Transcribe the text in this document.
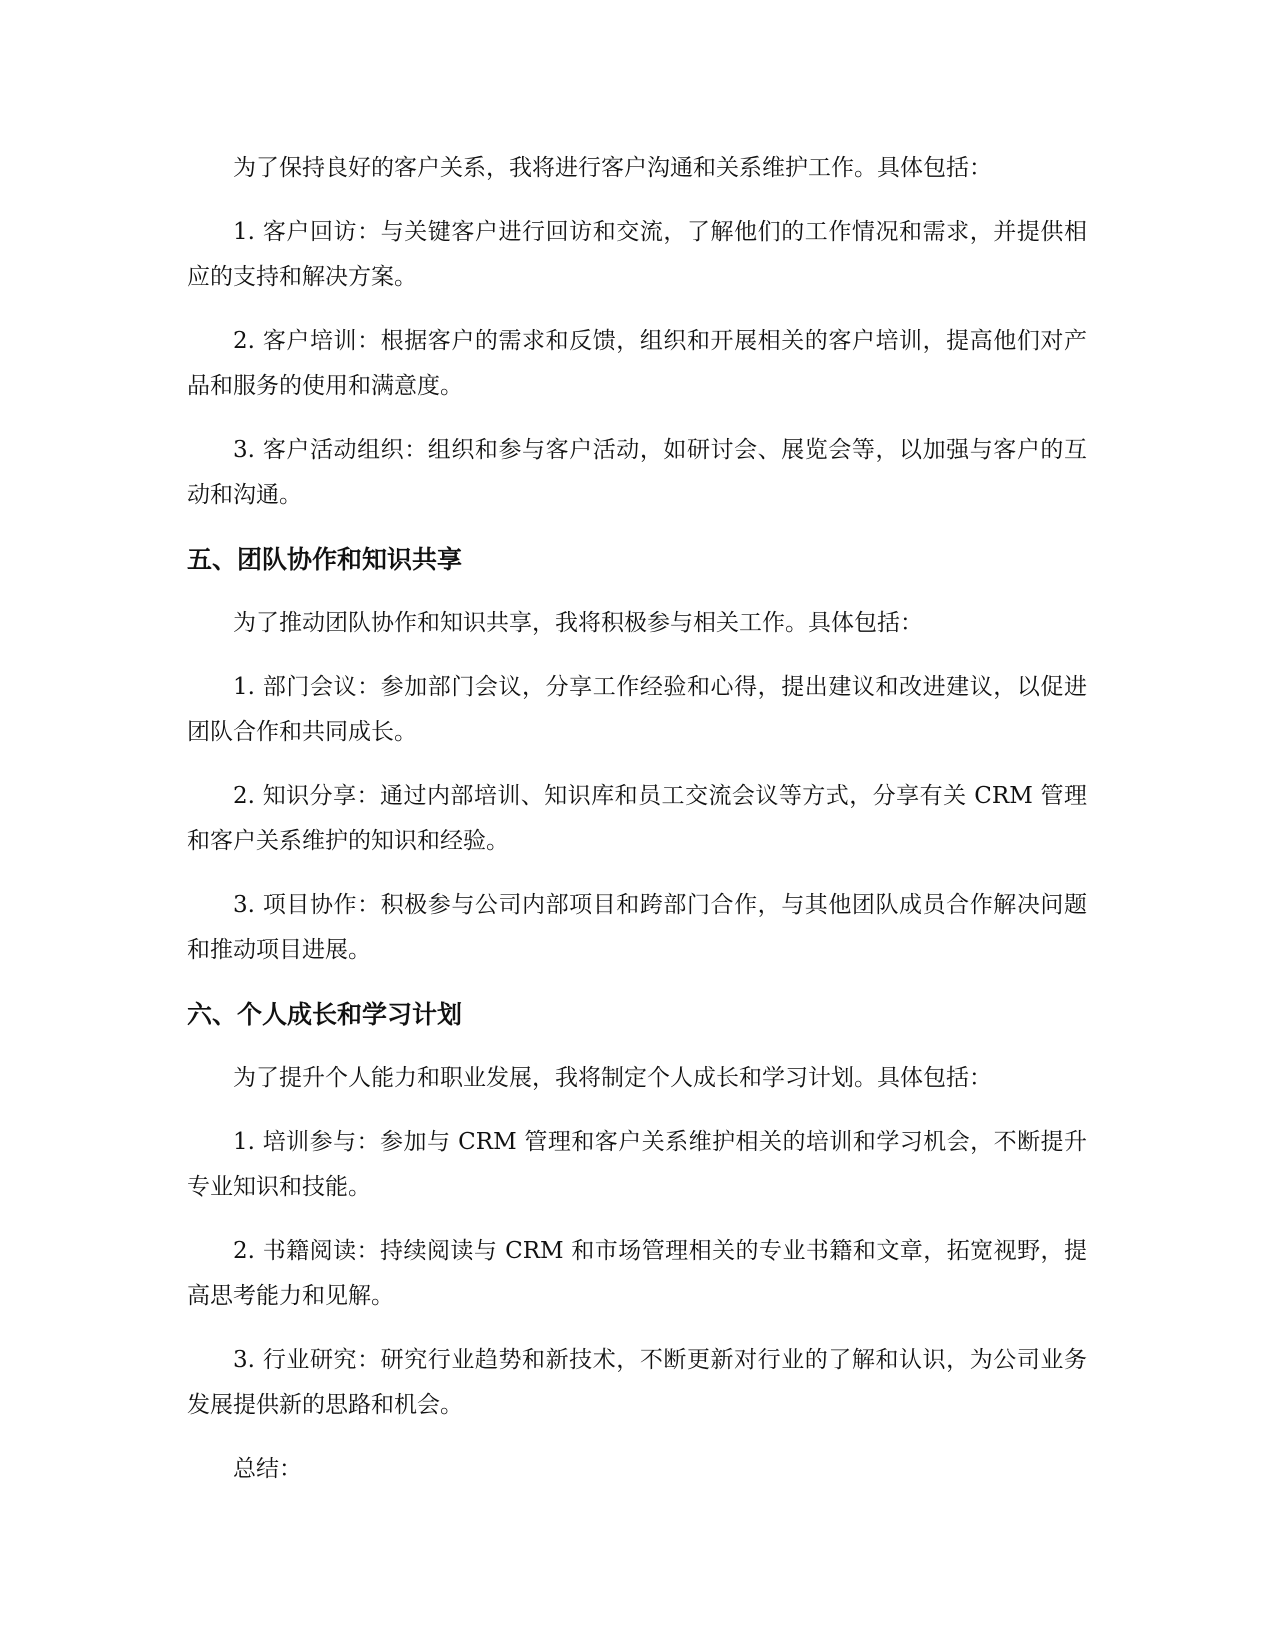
为了保持良好的客户关系，我将进行客户沟通和关系维护工作。具体包括：

1. 客户回访：与关键客户进行回访和交流，了解他们的工作情况和需求，并提供相应的支持和解决方案。

2. 客户培训：根据客户的需求和反馈，组织和开展相关的客户培训，提高他们对产品和服务的使用和满意度。

3. 客户活动组织：组织和参与客户活动，如研讨会、展览会等，以加强与客户的互动和沟通。

五、团队协作和知识共享

为了推动团队协作和知识共享，我将积极参与相关工作。具体包括：

1. 部门会议：参加部门会议，分享工作经验和心得，提出建议和改进建议，以促进团队合作和共同成长。

2. 知识分享：通过内部培训、知识库和员工交流会议等方式，分享有关 CRM 管理和客户关系维护的知识和经验。

3. 项目协作：积极参与公司内部项目和跨部门合作，与其他团队成员合作解决问题和推动项目进展。

六、个人成长和学习计划

为了提升个人能力和职业发展，我将制定个人成长和学习计划。具体包括：

1. 培训参与：参加与 CRM 管理和客户关系维护相关的培训和学习机会，不断提升专业知识和技能。

2. 书籍阅读：持续阅读与 CRM 和市场管理相关的专业书籍和文章，拓宽视野，提高思考能力和见解。

3. 行业研究：研究行业趋势和新技术，不断更新对行业的了解和认识，为公司业务发展提供新的思路和机会。

总结：
